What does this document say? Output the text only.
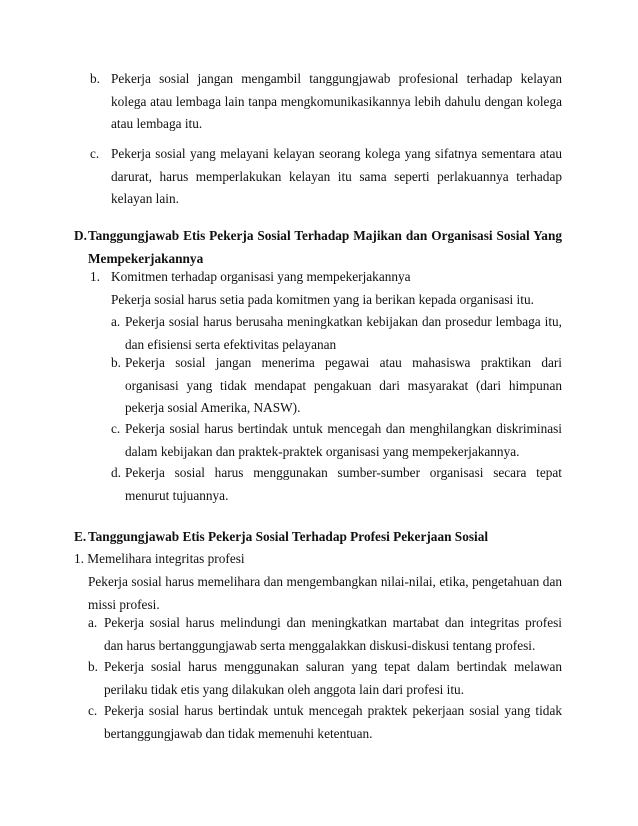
b. Pekerja sosial jangan mengambil tanggungjawab profesional terhadap kelayan kolega atau lembaga lain tanpa mengkomunikasikannya lebih dahulu dengan kolega atau lembaga itu.
c. Pekerja sosial yang melayani kelayan seorang kolega yang sifatnya sementara atau darurat, harus memperlakukan kelayan itu sama seperti perlakuannya terhadap kelayan lain.
D. Tanggungjawab Etis Pekerja Sosial Terhadap Majikan dan Organisasi Sosial Yang Mempekerjakannya
1. Komitmen terhadap organisasi yang mempekerjakannya
Pekerja sosial harus setia pada komitmen yang ia berikan kepada organisasi itu.
a. Pekerja sosial harus berusaha meningkatkan kebijakan dan prosedur lembaga itu, dan efisiensi serta efektivitas pelayanan
b. Pekerja sosial jangan menerima pegawai atau mahasiswa praktikan dari organisasi yang tidak mendapat pengakuan dari masyarakat (dari himpunan pekerja sosial Amerika, NASW).
c. Pekerja sosial harus bertindak untuk mencegah dan menghilangkan diskriminasi dalam kebijakan dan praktek-praktek organisasi yang mempekerjakannya.
d. Pekerja sosial harus menggunakan sumber-sumber organisasi secara tepat menurut tujuannya.
E. Tanggungjawab Etis Pekerja Sosial Terhadap Profesi Pekerjaan Sosial
1. Memelihara integritas profesi
Pekerja sosial harus memelihara dan mengembangkan nilai-nilai, etika, pengetahuan dan missi profesi.
a. Pekerja sosial harus melindungi dan meningkatkan martabat dan integritas profesi dan harus bertanggungjawab serta menggalakkan diskusi-diskusi tentang profesi.
b. Pekerja sosial harus menggunakan saluran yang tepat dalam bertindak melawan perilaku tidak etis yang dilakukan oleh anggota lain dari profesi itu.
c. Pekerja sosial harus bertindak untuk mencegah praktek pekerjaan sosial yang tidak bertanggungjawab dan tidak memenuhi ketentuan.
